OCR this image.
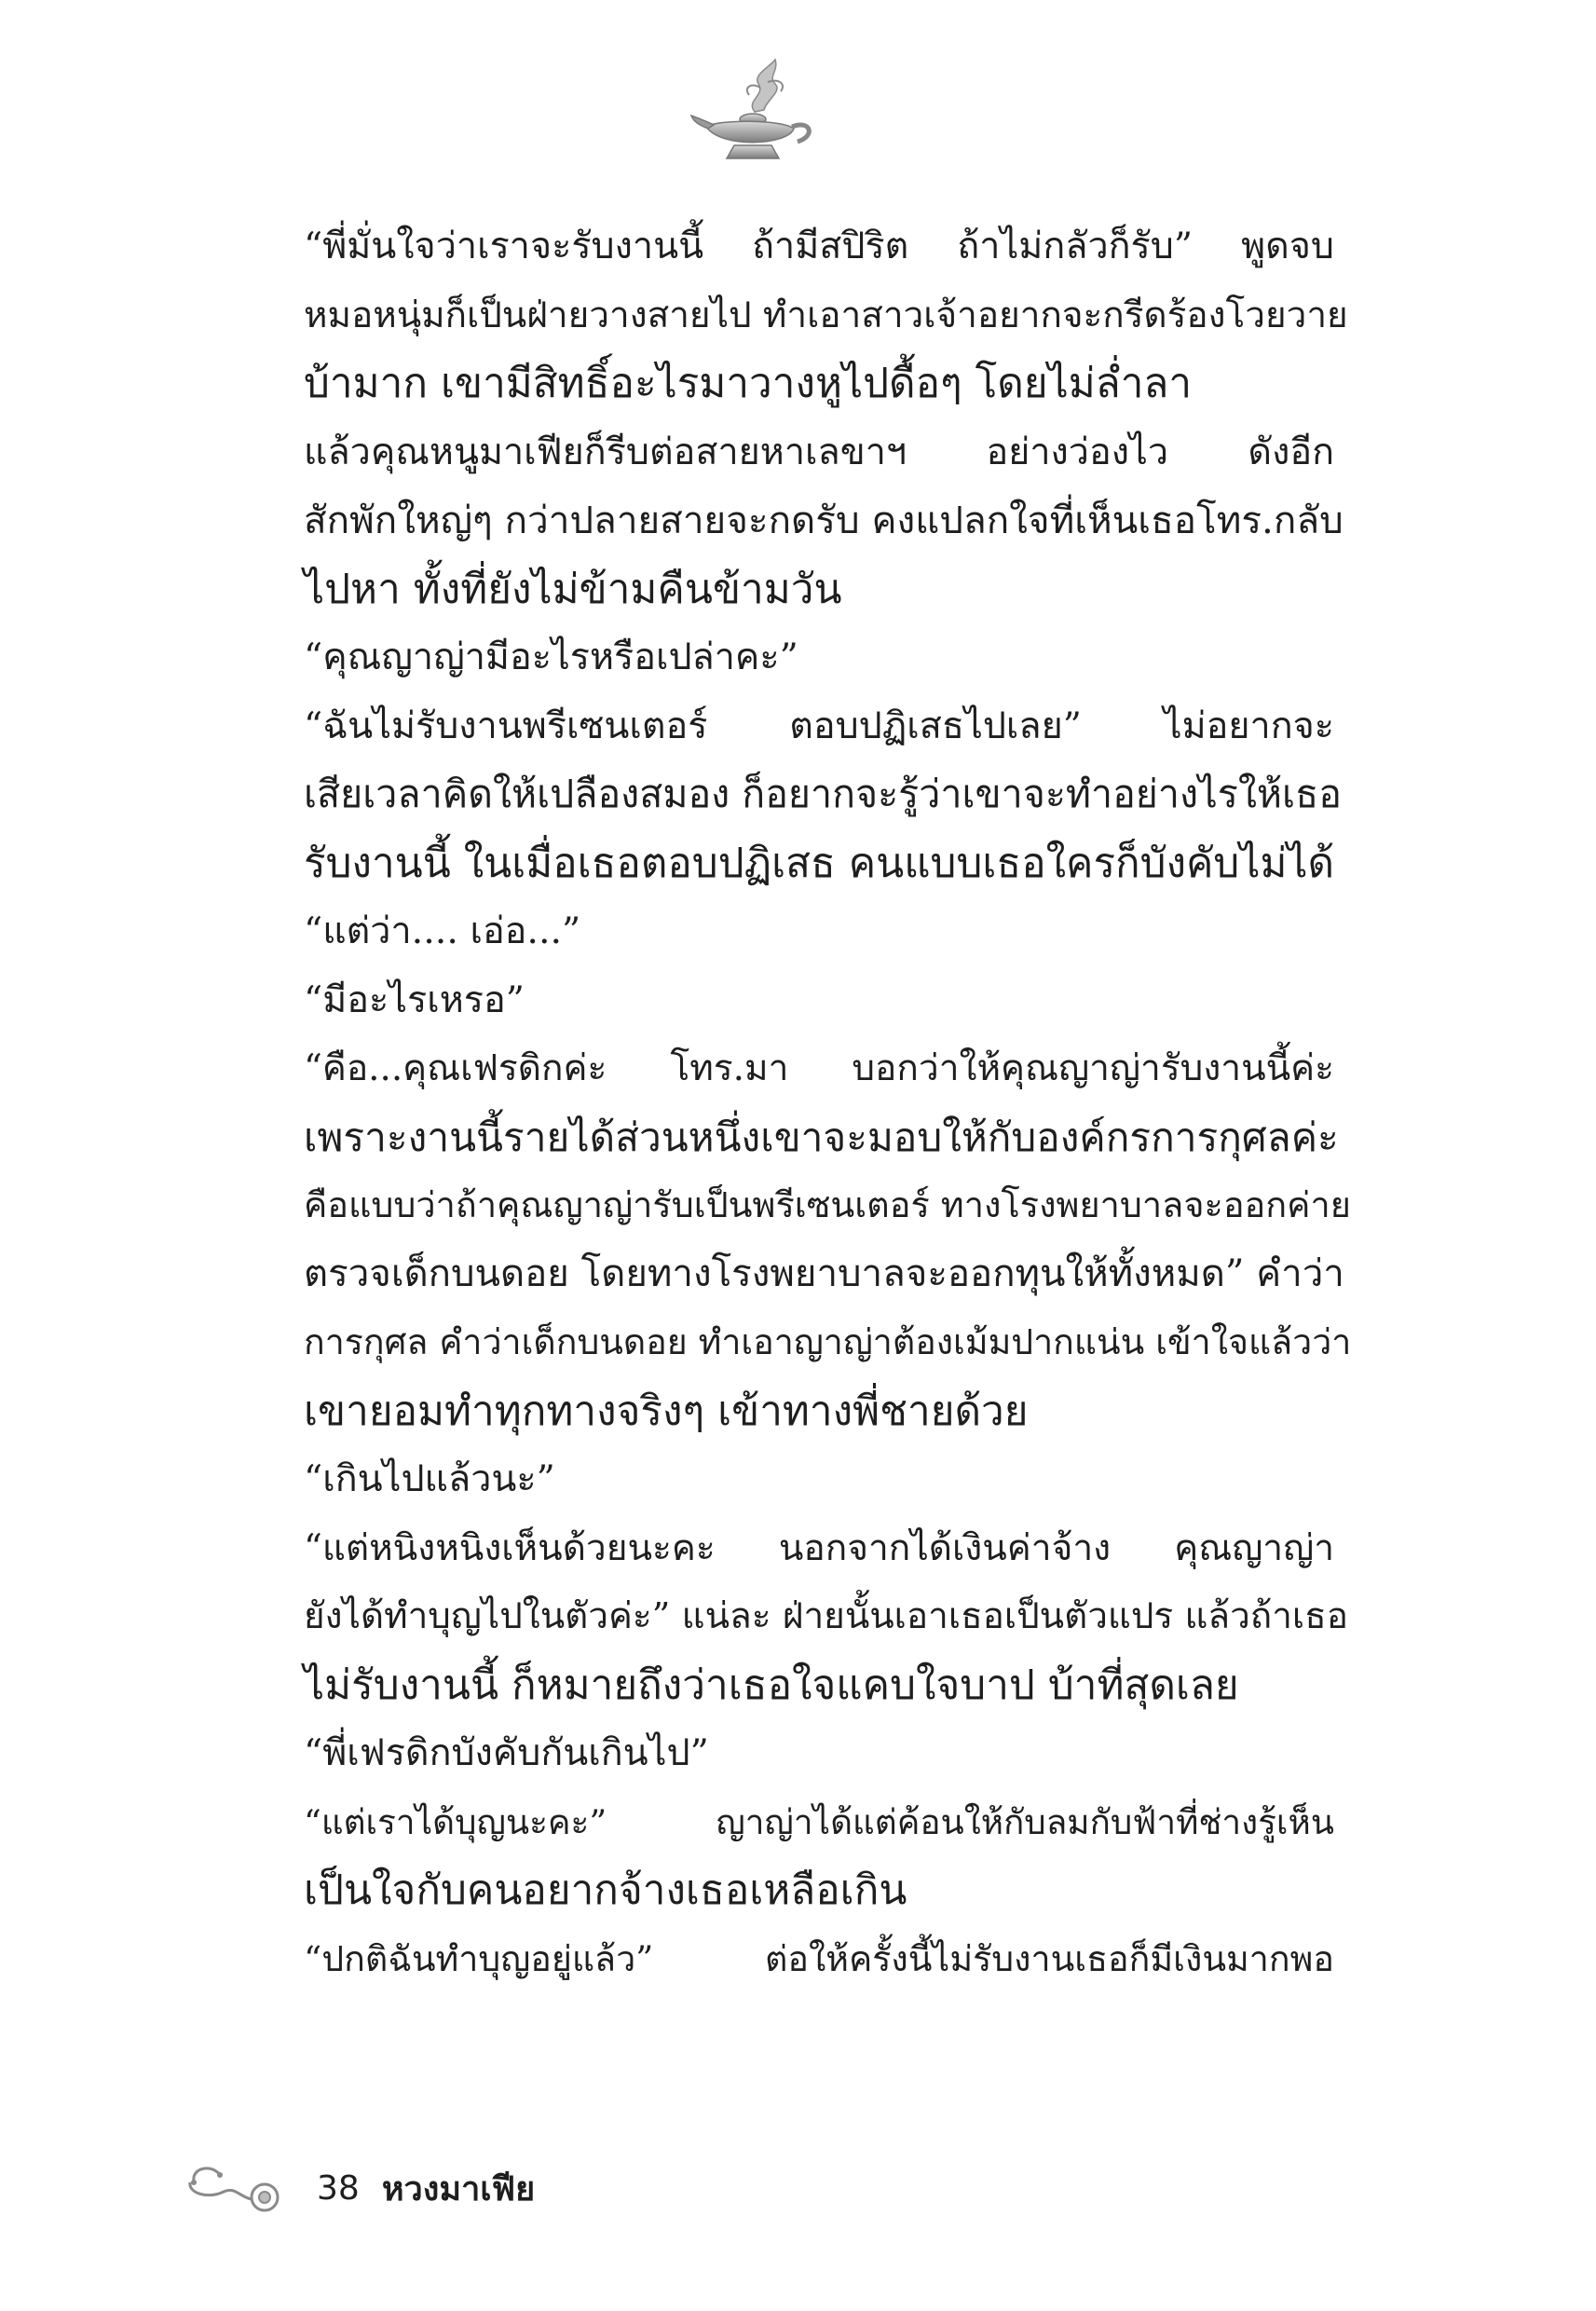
“พี่มั่นใจว่าเราจะรับงานนี้ ถ้ามีสปิริต ถ้าไม่กลัวก็รับ” พูดจบ
หมอหนุ่มก็เป็นฝ่ายวางสายไป ทำเอาสาวเจ้าอยากจะกรีดร้องโวยวาย
บ้ามาก เขามีสิทธิ์อะไรมาวางหูไปดื้อๆ โดยไม่ล่ำลา

แล้วคุณหนูมาเฟียก็รีบต่อสายหาเลขาฯ อย่างว่องไว ดังอีก
สักพักใหญ่ๆ กว่าปลายสายจะกดรับ คงแปลกใจที่เห็นเธอโทร.กลับ
ไปหา ทั้งที่ยังไม่ข้ามคืนข้ามวัน

“คุณญาญ่ามีอะไรหรือเปล่าคะ”

“ฉันไม่รับงานพรีเซนเตอร์ ตอบปฏิเสธไปเลย” ไม่อยากจะ
เสียเวลาคิดให้เปลืองสมอง ก็อยากจะรู้ว่าเขาจะทำอย่างไรให้เธอ
รับงานนี้ ในเมื่อเธอตอบปฏิเสธ คนแบบเธอใครก็บังคับไม่ได้

“แต่ว่า.... เอ่อ...”

“มีอะไรเหรอ”

“คือ...คุณเฟรดิกค่ะ โทร.มา บอกว่าให้คุณญาญ่ารับงานนี้ค่ะ
เพราะงานนี้รายได้ส่วนหนึ่งเขาจะมอบให้กับองค์กรการกุศลค่ะ
คือแบบว่าถ้าคุณญาญ่ารับเป็นพรีเซนเตอร์ ทางโรงพยาบาลจะออกค่าย
ตรวจเด็กบนดอย โดยทางโรงพยาบาลจะออกทุนให้ทั้งหมด” คำว่า
การกุศล คำว่าเด็กบนดอย ทำเอาญาญ่าต้องเม้มปากแน่น เข้าใจแล้วว่า
เขายอมทำทุกทางจริงๆ เข้าทางพี่ชายด้วย

“เกินไปแล้วนะ”

“แต่หนิงหนิงเห็นด้วยนะคะ นอกจากได้เงินค่าจ้าง คุณญาญ่า
ยังได้ทำบุญไปในตัวค่ะ” แน่ละ ฝ่ายนั้นเอาเธอเป็นตัวแปร แล้วถ้าเธอ
ไม่รับงานนี้ ก็หมายถึงว่าเธอใจแคบใจบาป บ้าที่สุดเลย

“พี่เฟรดิกบังคับกันเกินไป”

“แต่เราได้บุญนะคะ” ญาญ่าได้แต่ค้อนให้กับลมกับฟ้าที่ช่างรู้เห็น
เป็นใจกับคนอยากจ้างเธอเหลือเกิน

“ปกติฉันทำบุญอยู่แล้ว” ต่อให้ครั้งนี้ไม่รับงานเธอก็มีเงินมากพอ

38 หวงมาเฟีย
